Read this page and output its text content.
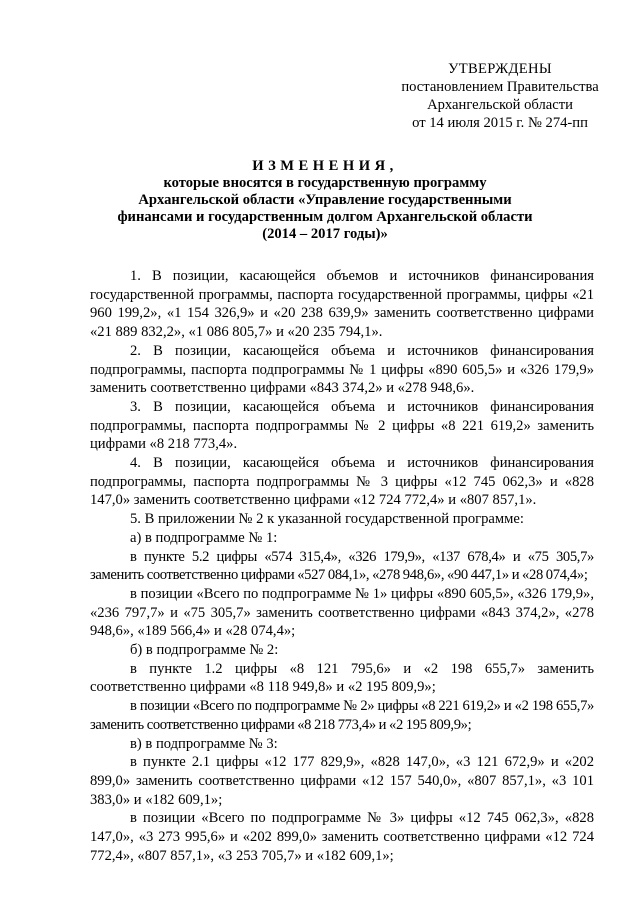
УТВЕРЖДЕНЫ
постановлением Правительства
Архангельской области
от 14 июля 2015 г. № 274-пп
ИЗМЕНЕНИЯ,
которые вносятся в государственную программу
Архангельской области «Управление государственными
финансами и государственным долгом Архангельской области
(2014 – 2017 годы)»

1. В позиции, касающейся объемов и источников финансирования государственной программы, паспорта государственной программы, цифры «21 960 199,2», «1 154 326,9» и «20 238 639,9» заменить соответственно цифрами «21 889 832,2», «1 086 805,7» и «20 235 794,1».

2. В позиции, касающейся объема и источников финансирования подпрограммы, паспорта подпрограммы № 1 цифры «890 605,5» и «326 179,9» заменить соответственно цифрами «843 374,2» и «278 948,6».

3. В позиции, касающейся объема и источников финансирования подпрограммы, паспорта подпрограммы № 2 цифры «8 221 619,2» заменить цифрами «8 218 773,4».

4. В позиции, касающейся объема и источников финансирования подпрограммы, паспорта подпрограммы № 3 цифры «12 745 062,3» и «828 147,0» заменить соответственно цифрами «12 724 772,4» и «807 857,1».

5. В приложении № 2 к указанной государственной программе:

а) в подпрограмме № 1:

в пункте 5.2 цифры «574 315,4», «326 179,9», «137 678,4» и «75 305,7» заменить соответственно цифрами «527 084,1», «278 948,6», «90 447,1» и «28 074,4»;

в позиции «Всего по подпрограмме № 1» цифры «890 605,5», «326 179,9», «236 797,7» и «75 305,7» заменить соответственно цифрами «843 374,2», «278 948,6», «189 566,4» и «28 074,4»;

б) в подпрограмме № 2:

в пункте 1.2 цифры «8 121 795,6» и «2 198 655,7» заменить соответственно цифрами «8 118 949,8» и «2 195 809,9»;

в позиции «Всего по подпрограмме № 2» цифры «8 221 619,2» и «2 198 655,7» заменить соответственно цифрами «8 218 773,4» и «2 195 809,9»;

в) в подпрограмме № 3:

в пункте 2.1 цифры «12 177 829,9», «828 147,0», «3 121 672,9» и «202 899,0» заменить соответственно цифрами «12 157 540,0», «807 857,1», «3 101 383,0» и «182 609,1»;

в позиции «Всего по подпрограмме № 3» цифры «12 745 062,3», «828 147,0», «3 273 995,6» и «202 899,0» заменить соответственно цифрами «12 724 772,4», «807 857,1», «3 253 705,7» и «182 609,1»;
